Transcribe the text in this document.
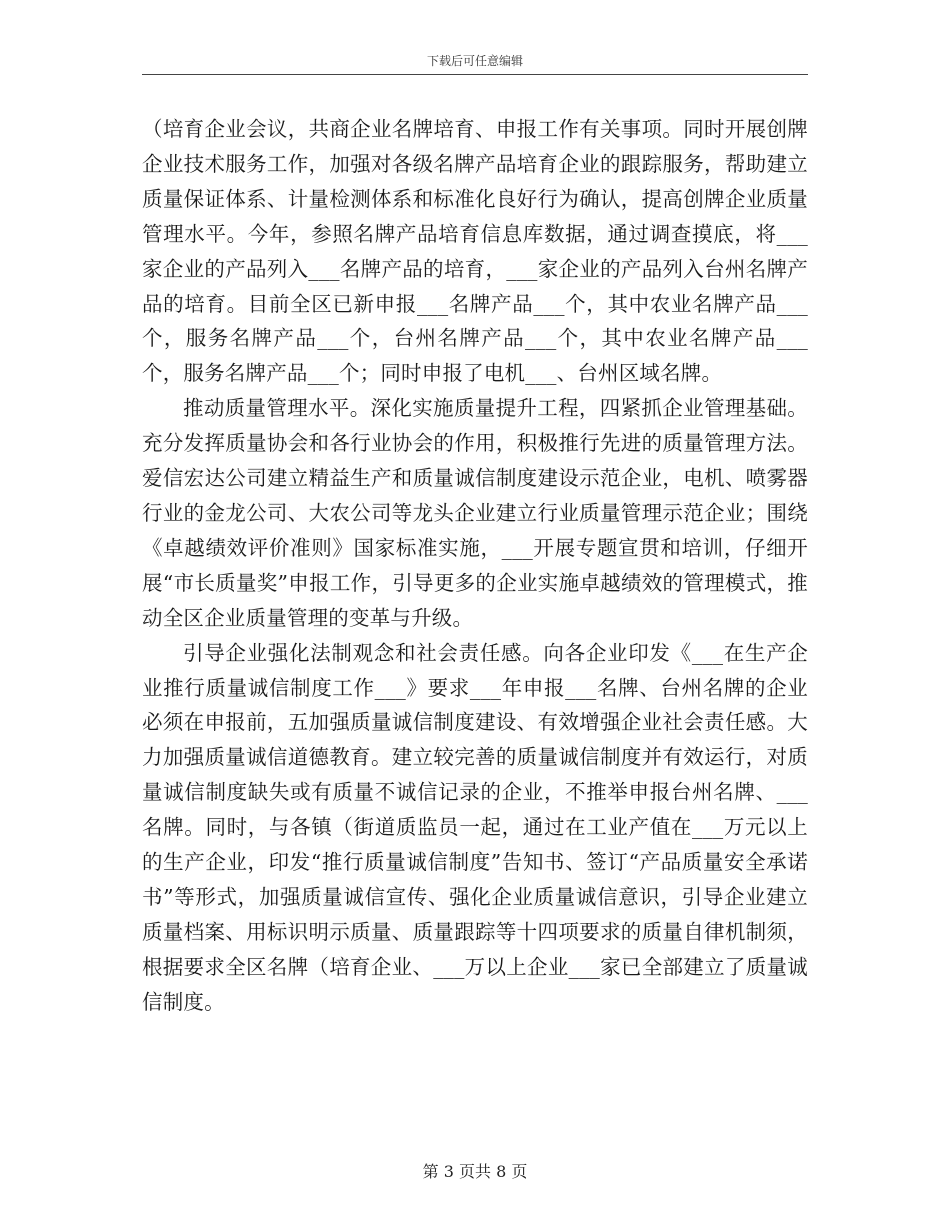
下载后可任意编辑

（培育企业会议，共商企业名牌培育、申报工作有关事项。同时开展创牌企业技术服务工作，加强对各级名牌产品培育企业的跟踪服务，帮助建立质量保证体系、计量检测体系和标准化良好行为确认，提高创牌企业质量管理水平。今年，参照名牌产品培育信息库数据，通过调查摸底，将___家企业的产品列入___名牌产品的培育，___家企业的产品列入台州名牌产品的培育。目前全区已新申报___名牌产品___个，其中农业名牌产品___个，服务名牌产品___个，台州名牌产品___个，其中农业名牌产品___个，服务名牌产品___个；同时申报了电机___、台州区域名牌。

推动质量管理水平。深化实施质量提升工程，四紧抓企业管理基础。充分发挥质量协会和各行业协会的作用，积极推行先进的质量管理方法。爱信宏达公司建立精益生产和质量诚信制度建设示范企业，电机、喷雾器行业的金龙公司、大农公司等龙头企业建立行业质量管理示范企业；围绕《卓越绩效评价准则》国家标准实施，___开展专题宣贯和培训，仔细开展“市长质量奖”申报工作，引导更多的企业实施卓越绩效的管理模式，推动全区企业质量管理的变革与升级。

引导企业强化法制观念和社会责任感。向各企业印发《___在生产企业推行质量诚信制度工作___》要求___年申报___名牌、台州名牌的企业必须在申报前，五加强质量诚信制度建设、有效增强企业社会责任感。大力加强质量诚信道德教育。建立较完善的质量诚信制度并有效运行，对质量诚信制度缺失或有质量不诚信记录的企业，不推举申报台州名牌、___名牌。同时，与各镇（街道质监员一起，通过在工业产值在___万元以上的生产企业，印发“推行质量诚信制度”告知书、签订“产品质量安全承诺书”等形式，加强质量诚信宣传、强化企业质量诚信意识，引导企业建立质量档案、用标识明示质量、质量跟踪等十四项要求的质量自律机制须，根据要求全区名牌（培育企业、___万以上企业___家已全部建立了质量诚信制度。

第 3 页共 8 页
